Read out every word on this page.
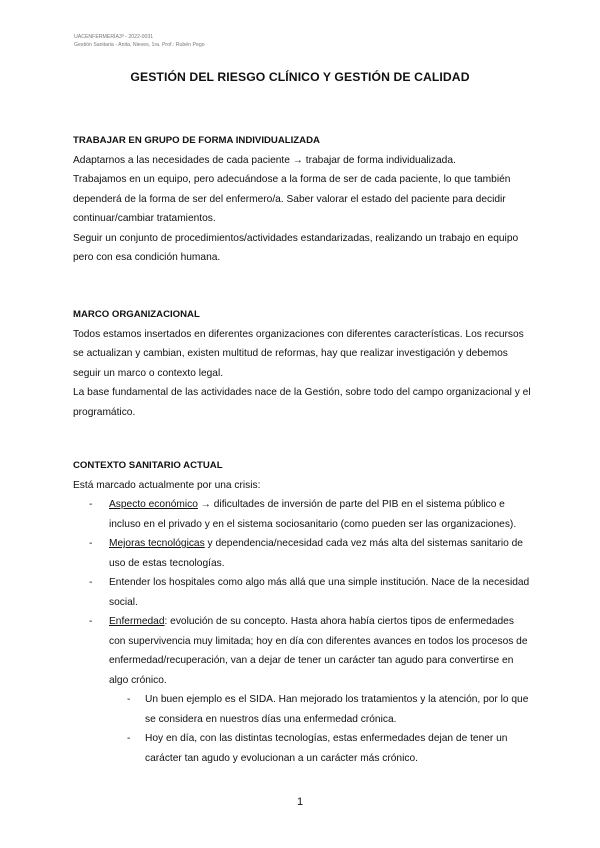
UACENFERMERÍA3º - 2022-0031
Gestión Sanitaria - Anita, Nieves, 1ra. Prof.: Rubén Pego
GESTIÓN DEL RIESGO CLÍNICO Y GESTIÓN DE CALIDAD
TRABAJAR EN GRUPO DE FORMA INDIVIDUALIZADA

Adaptarnos a las necesidades de cada paciente → trabajar de forma individualizada.

Trabajamos en un equipo, pero adecuándose a la forma de ser de cada paciente, lo que también dependerá de la forma de ser del enfermero/a. Saber valorar el estado del paciente para decidir continuar/cambiar tratamientos.

Seguir un conjunto de procedimientos/actividades estandarizadas, realizando un trabajo en equipo pero con esa condición humana.

MARCO ORGANIZACIONAL

Todos estamos insertados en diferentes organizaciones con diferentes características. Los recursos se actualizan y cambian, existen multitud de reformas, hay que realizar investigación y debemos seguir un marco o contexto legal.

La base fundamental de las actividades nace de la Gestión, sobre todo del campo organizacional y el programático.

CONTEXTO SANITARIO ACTUAL

Está marcado actualmente por una crisis:

- Aspecto económico → dificultades de inversión de parte del PIB en el sistema público e incluso en el privado y en el sistema sociosanitario (como pueden ser las organizaciones).
- Mejoras tecnológicas y dependencia/necesidad cada vez más alta del sistemas sanitario de uso de estas tecnologías.
- Entender los hospitales como algo más allá que una simple institución. Nace de la necesidad social.
- Enfermedad: evolución de su concepto. Hasta ahora había ciertos tipos de enfermedades con supervivencia muy limitada; hoy en día con diferentes avances en todos los procesos de enfermedad/recuperación, van a dejar de tener un carácter tan agudo para convertirse en algo crónico.
- Un buen ejemplo es el SIDA. Han mejorado los tratamientos y la atención, por lo que se considera en nuestros días una enfermedad crónica.
- Hoy en día, con las distintas tecnologías, estas enfermedades dejan de tener un carácter tan agudo y evolucionan a un carácter más crónico.
1
